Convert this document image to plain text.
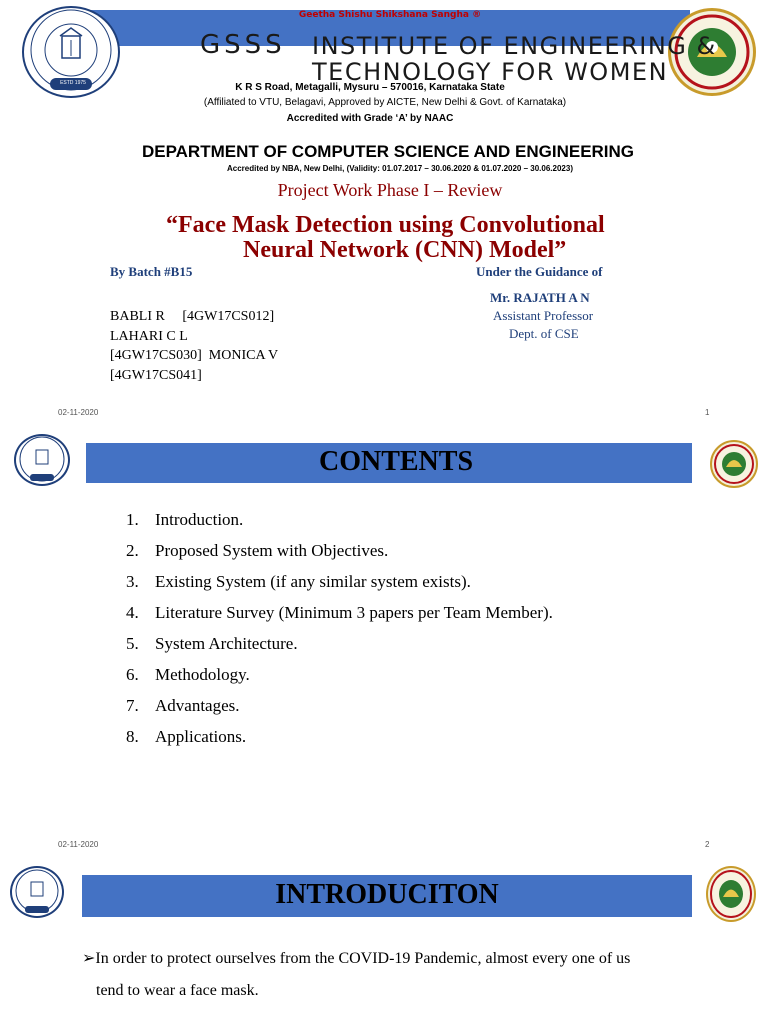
Geetha Shishu Shikshana Sangha ®
ESTD 1975
GSSS INSTITUTE OF ENGINEERING &
TECHNOLOGY FOR WOMEN
K R S Road, Metagalli, Mysuru – 570016, Karnataka State
(Affiliated to VTU, Belagavi, Approved by AICTE, New Delhi & Govt. of Karnataka)
Accredited with Grade ‘A’ by NAAC
DEPARTMENT OF COMPUTER SCIENCE AND ENGINEERING
Accredited by NBA, New Delhi, (Validity: 01.07.2017 – 30.06.2020 & 01.07.2020 – 30.06.2023)
Project Work Phase I – Review
“Face Mask Detection using Convolutional
Neural Network (CNN) Model”
By Batch #B15	Under the Guidance of
Mr. RAJATH A N
Assistant Professor
Dept. of CSE
BABLI R     [4GW17CS012]
LAHARI C L
[4GW17CS030]  MONICA V
[4GW17CS041]
02-11-2020	1
CONTENTS
1. Introduction.
2. Proposed System with Objectives.
3. Existing System (if any similar system exists).
4. Literature Survey (Minimum 3 papers per Team Member).
5. System Architecture.
6. Methodology.
7. Advantages.
8. Applications.
02-11-2020	2
INTRODUCITON
➢In order to protect ourselves from the COVID-19 Pandemic, almost every one of us
tend to wear a face mask.
